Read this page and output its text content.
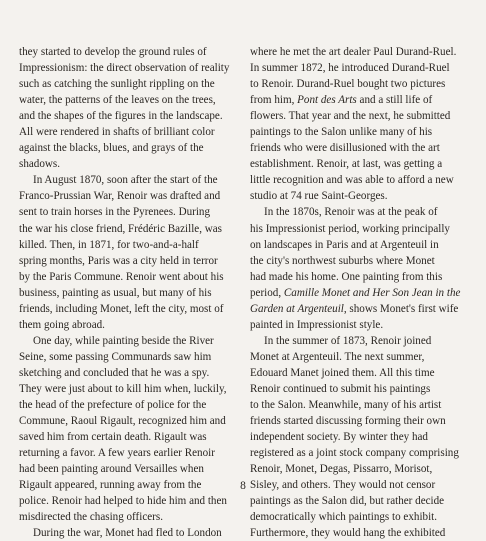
they started to develop the ground rules of
Impressionism: the direct observation of reality
such as catching the sunlight rippling on the
water, the patterns of the leaves on the trees,
and the shapes of the figures in the landscape.
All were rendered in shafts of brilliant color
against the blacks, blues, and grays of the
shadows.
In August 1870, soon after the start of the
Franco-Prussian War, Renoir was drafted and
sent to train horses in the Pyrenees. During
the war his close friend, Frédéric Bazille, was
killed. Then, in 1871, for two-and-a-half
spring months, Paris was a city held in terror
by the Paris Commune. Renoir went about his
business, painting as usual, but many of his
friends, including Monet, left the city, most of
them going abroad.
One day, while painting beside the River
Seine, some passing Communards saw him
sketching and concluded that he was a spy.
They were just about to kill him when, luckily,
the head of the prefecture of police for the
Commune, Raoul Rigault, recognized him and
saved him from certain death. Rigault was
returning a favor. A few years earlier Renoir
had been painting around Versailles when
Rigault appeared, running away from the
police. Renoir had helped to hide him and then
misdirected the chasing officers.
During the war, Monet had fled to London
where he met the art dealer Paul Durand-Ruel.
In summer 1872, he introduced Durand-Ruel
to Renoir. Durand-Ruel bought two pictures
from him, Pont des Arts and a still life of
flowers. That year and the next, he submitted
paintings to the Salon unlike many of his
friends who were disillusioned with the art
establishment. Renoir, at last, was getting a
little recognition and was able to afford a new
studio at 74 rue Saint-Georges.
In the 1870s, Renoir was at the peak of
his Impressionist period, working principally
on landscapes in Paris and at Argenteuil in
the city's northwest suburbs where Monet
had made his home. One painting from this
period, Camille Monet and Her Son Jean in the
Garden at Argenteuil, shows Monet's first wife
painted in Impressionist style.
In the summer of 1873, Renoir joined
Monet at Argenteuil. The next summer,
Edouard Manet joined them. All this time
Renoir continued to submit his paintings
to the Salon. Meanwhile, many of his artist
friends started discussing forming their own
independent society. By winter they had
registered as a joint stock company comprising
Renoir, Monet, Degas, Pissarro, Morisot,
Sisley, and others. They would not censor
paintings as the Salon did, but rather decide
democratically which paintings to exhibit.
Furthermore, they would hang the exhibited
8
